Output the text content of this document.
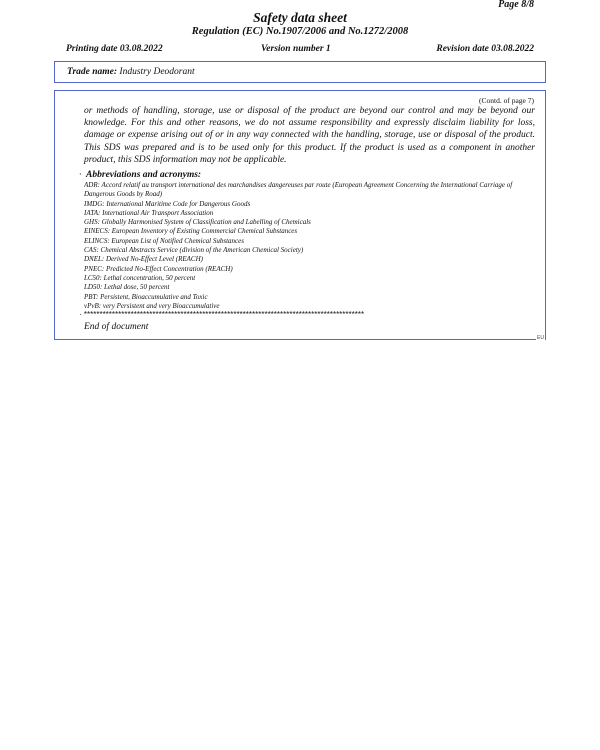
Page 8/8
Safety data sheet
Regulation (EC) No.1907/2006 and No.1272/2008
Printing date 03.08.2022	Version number 1	Revision date 03.08.2022
Trade name: Industry Deodorant
(Contd. of page 7)
or methods of handling, storage, use or disposal of the product are beyond our control and may be beyond our knowledge. For this and other reasons, we do not assume responsibility and expressly disclaim liability for loss, damage or expense arising out of or in any way connected with the handling, storage, use or disposal of the product. This SDS was prepared and is to be used only for this product. If the product is used as a component in another product, this SDS information may not be applicable.
· Abbreviations and acronyms:
ADR: Accord relatif au transport international des marchandises dangereuses par route (European Agreement Concerning the International Carriage of Dangerous Goods by Road)
IMDG: International Maritime Code for Dangerous Goods
IATA: International Air Transport Association
GHS: Globally Harmonised System of Classification and Labelling of Chemicals
EINECS: European Inventory of Existing Commercial Chemical Substances
ELINCS: European List of Notified Chemical Substances
CAS: Chemical Abstracts Service (division of the American Chemical Society)
DNEL: Derived No-Effect Level (REACH)
PNEC: Predicted No-Effect Concentration (REACH)
LC50: Lethal concentration, 50 percent
LD50: Lethal dose, 50 percent
PBT: Persistent, Bioaccumulative and Toxic
vPvB: very Persistent and very Bioaccumulative
· ******************************************************************************************
End of document
EU
